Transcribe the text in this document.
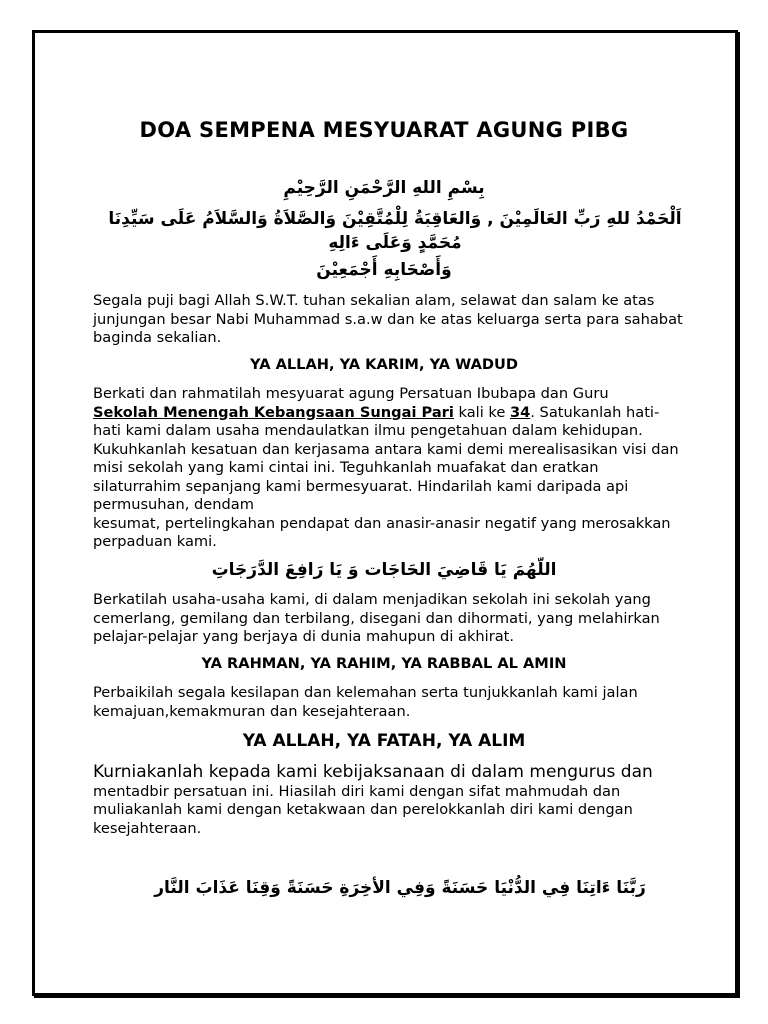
DOA SEMPENA MESYUARAT AGUNG PIBG
بِسْمِ اللهِ الرَّحْمَنِ الرَّحِيْمِ
اَلْحَمْدُ للهِ رَبِّ العَالَمِيْنَ , وَالعَاقِبَةُ لِلْمُتَّقِيْنَ وَالصَّلاَةُ وَالسَّلاَمُ عَلَى سَيِّدِنَا مُحَمَّدٍ وَعَلَى ءَالِهِ
وَأَصْحَابِهِ أَجْمَعِيْنَ
Segala puji bagi Allah S.W.T. tuhan sekalian alam, selawat dan salam ke atas junjungan besar Nabi Muhammad s.a.w dan ke atas keluarga serta para sahabat baginda sekalian.
YA ALLAH, YA KARIM, YA WADUD
Berkati dan rahmatilah mesyuarat agung Persatuan Ibubapa dan Guru
Sekolah Menengah Kebangsaan Sungai Pari kali ke 34. Satukanlah hati-hati kami dalam usaha mendaulatkan ilmu pengetahuan dalam kehidupan. Kukuhkanlah kesatuan dan kerjasama antara kami demi merealisasikan visi dan misi sekolah yang kami cintai ini. Teguhkanlah muafakat dan eratkan silaturrahim sepanjang kami bermesyuarat. Hindarilah kami daripada api permusuhan, dendam
kesumat, pertelingkahan pendapat dan anasir-anasir negatif yang merosakkan perpaduan kami.
اللّهُمَ يَا قَاضِيَ الحَاجَات وَ يَا رَافِعَ الدَّرَجَاتِ
Berkatilah usaha-usaha kami, di dalam menjadikan sekolah ini sekolah yang cemerlang, gemilang dan terbilang, disegani dan dihormati, yang melahirkan pelajar-pelajar yang berjaya di dunia mahupun di akhirat.
YA RAHMAN, YA RAHIM, YA RABBAL AL AMIN
Perbaikilah segala kesilapan dan kelemahan serta tunjukkanlah kami jalan kemajuan,kemakmuran dan kesejahteraan.
YA ALLAH, YA FATAH, YA ALIM
Kurniakanlah kepada kami kebijaksanaan di dalam mengurus dan mentadbir persatuan ini. Hiasilah diri kami dengan sifat mahmudah dan muliakanlah kami dengan ketakwaan dan perelokkanlah diri kami dengan kesejahteraan.
رَبَّنَا ءَاتِنَا فِي الدُّنْيَا حَسَنَةً وَفِي الأخِرَةِ حَسَنَةً وَقِنَا عَذَابَ النَّار
